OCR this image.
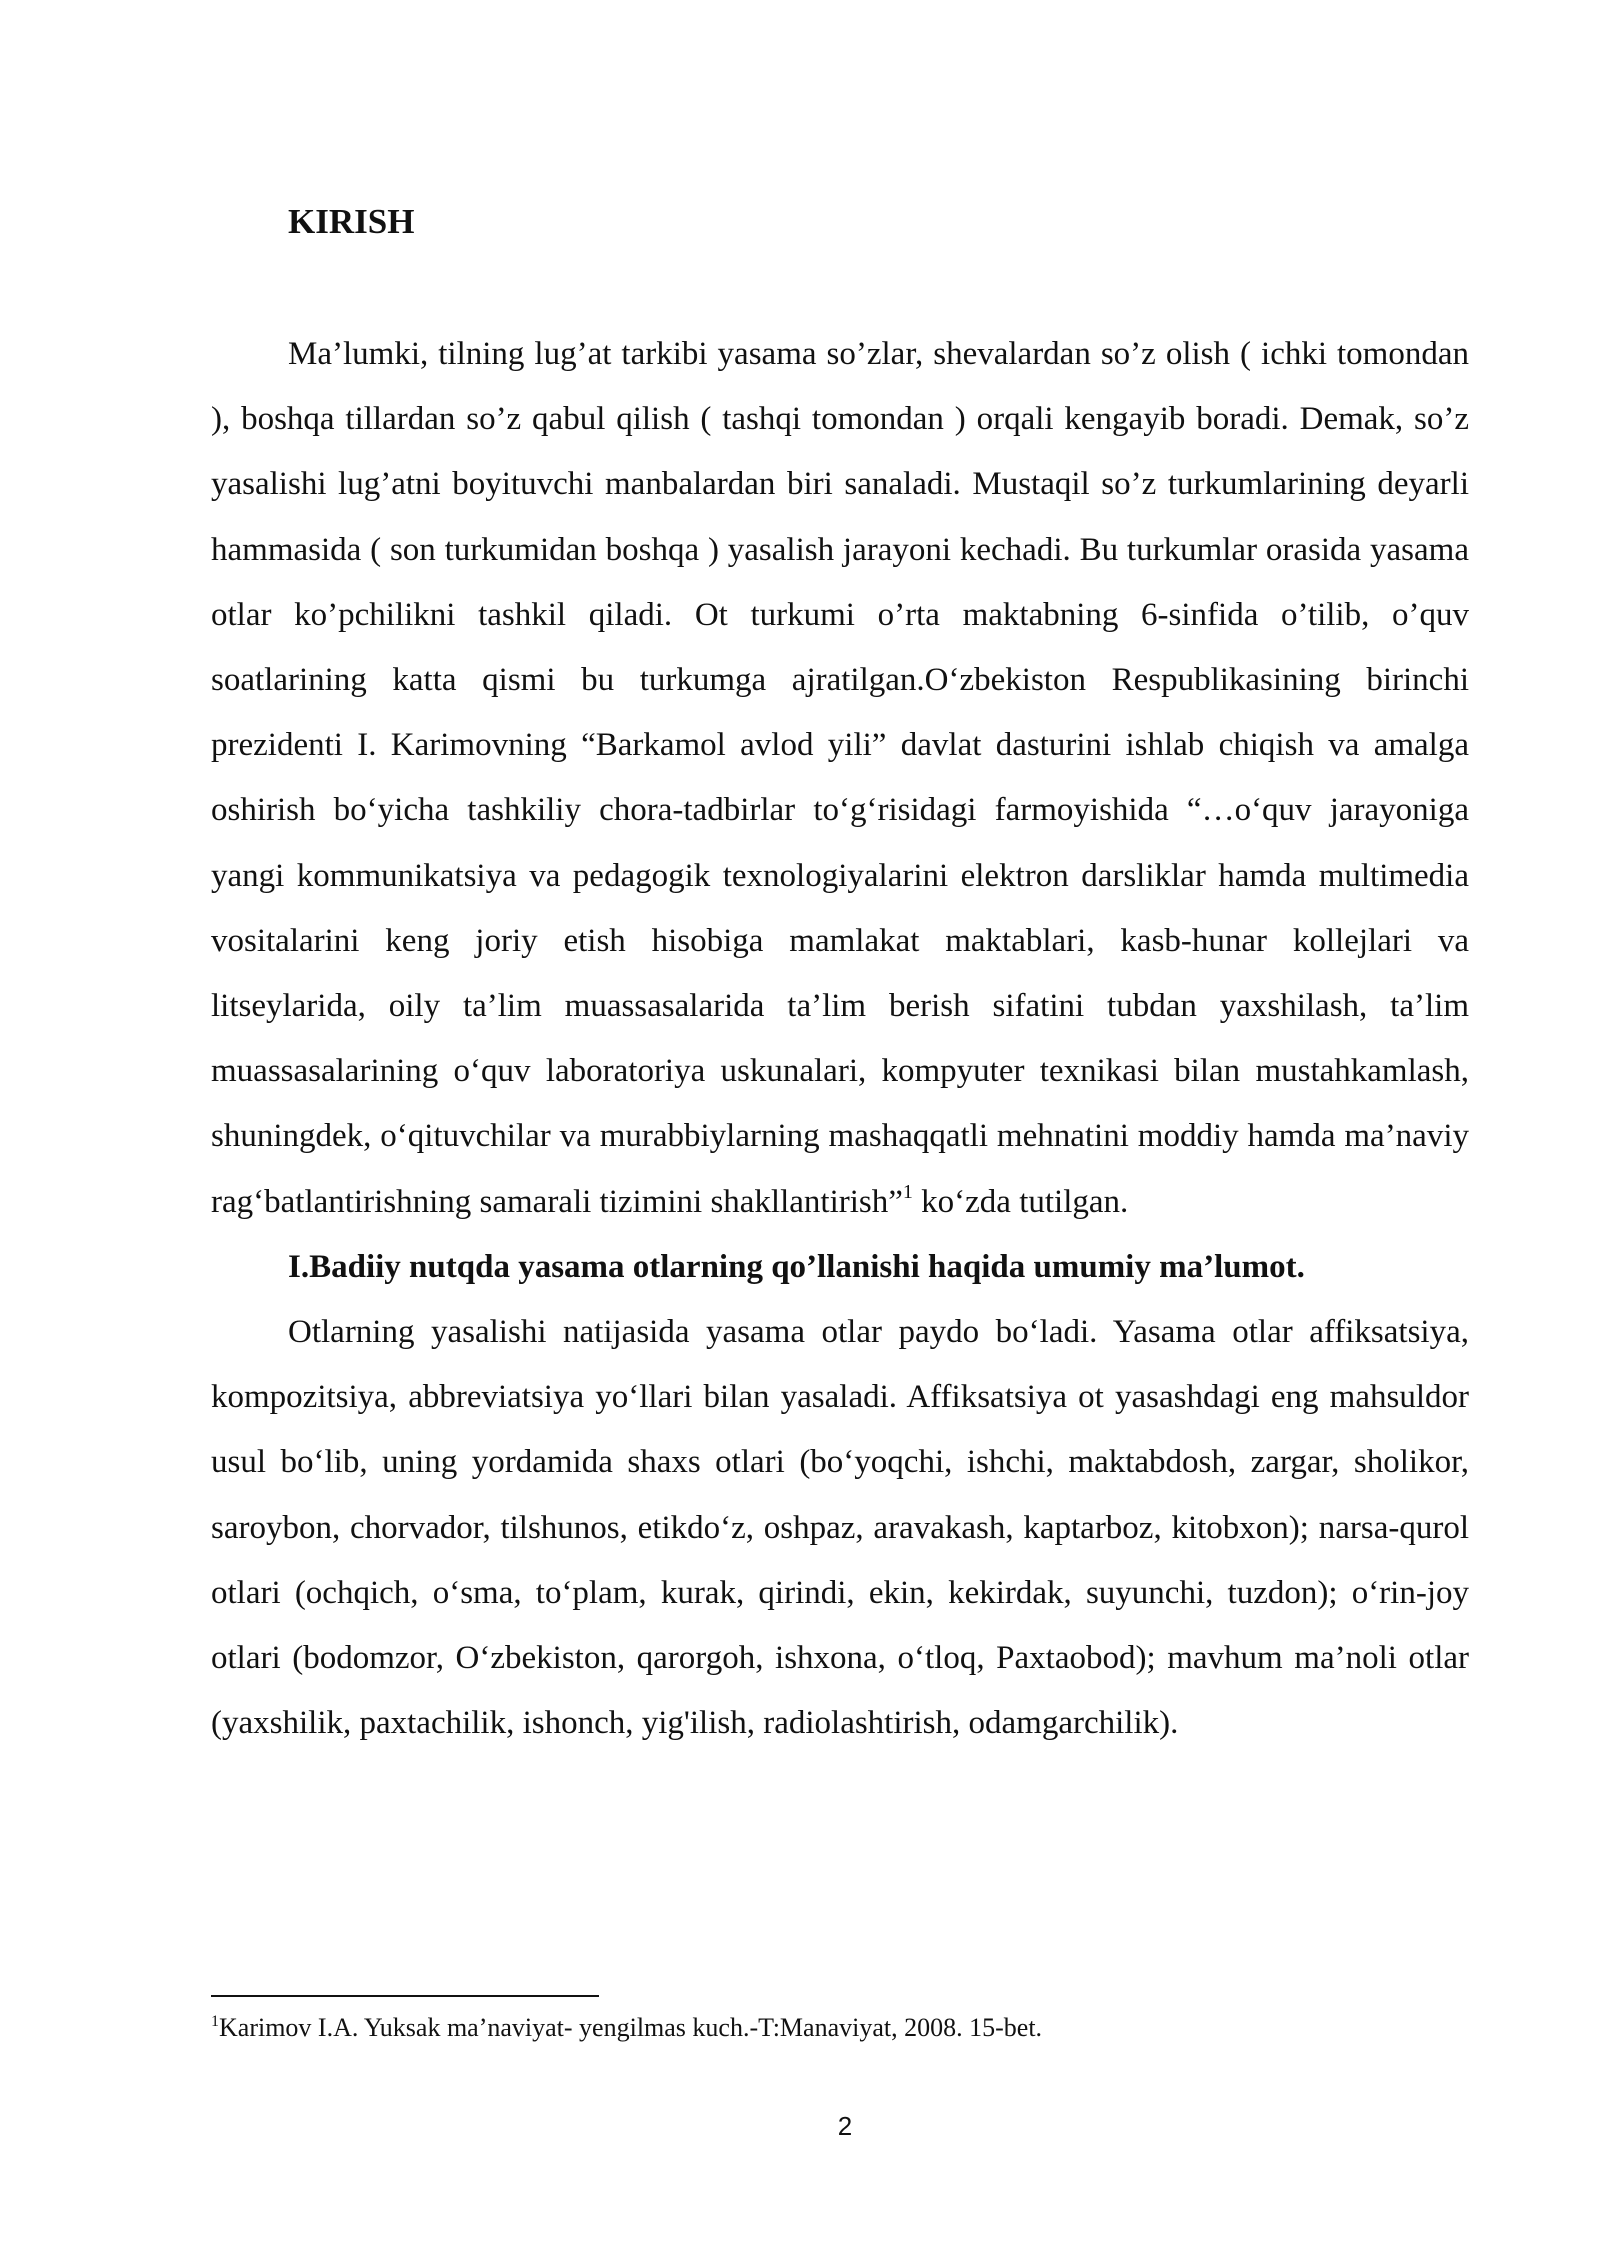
KIRISH

Ma’lumki, tilning lug’at tarkibi yasama so’zlar, shevalardan so’z olish ( ichki tomondan ), boshqa tillardan so’z qabul qilish ( tashqi tomondan ) orqali kengayib boradi. Demak, so’z yasalishi lug’atni boyituvchi manbalardan biri sanaladi. Mustaqil so’z turkumlarining deyarli hammasida ( son turkumidan boshqa ) yasalish jarayoni kechadi. Bu turkumlar orasida yasama otlar ko’pchilikni tashkil qiladi. Ot turkumi o’rta maktabning 6-sinfida o’tilib, o’quv soatlarining katta qismi bu turkumga ajratilgan.O‘zbekiston Respublikasining birinchi prezidenti I. Karimovning “Barkamol avlod yili” davlat dasturini ishlab chiqish va amalga oshirish bo‘yicha tashkiliy chora-tadbirlar to‘g‘risidagi farmoyishida “…o‘quv jarayoniga yangi kommunikatsiya va pedagogik texnologiyalarini elektron darsliklar hamda multimedia vositalarini keng joriy etish hisobiga mamlakat maktablari, kasb-hunar kollejlari va litseylarida, oily ta’lim muassasalarida ta’lim berish sifatini tubdan yaxshilash, ta’lim muassasalarining o‘quv laboratoriya uskunalari, kompyuter texnikasi bilan mustahkamlash, shuningdek, o‘qituvchilar va murabbiylarning mashaqqatli mehnatini moddiy hamda ma’naviy rag‘batlantirishning samarali tizimini shakllantirish”$^1$ ko‘zda tutilgan.

I.Badiiy nutqda yasama otlarning qo’llanishi haqida umumiy ma’lumot.

Otlarning yasalishi natijasida yasama otlar paydo bo‘ladi. Yasama otlar affiksatsiya, kompozitsiya, abbreviatsiya yo‘llari bilan yasaladi. Affiksatsiya ot yasashdagi eng mahsuldor usul bo‘lib, uning yordamida shaxs otlari (bo‘yoqchi, ishchi, maktabdosh, zargar, sholikor, saroybon, chorvador, tilshunos, etikdo‘z, oshpaz, aravakash, kaptarboz, kitobxon); narsa-qurol otlari (ochqich, o‘sma, to‘plam, kurak, qirindi, ekin, kekirdak, suyunchi, tuzdon); o‘rin-joy otlari (bodomzor, O‘zbekiston, qarorgoh, ishxona, o‘tloq, Paxtaobod); mavhum ma’noli otlar (yaxshilik, paxtachilik, ishonch, yig'ilish, radiolashtirish, odamgarchilik).

$^1$Karimov I.A. Yuksak ma’naviyat- yengilmas kuch.-T:Manaviyat, 2008. 15-bet.

2
